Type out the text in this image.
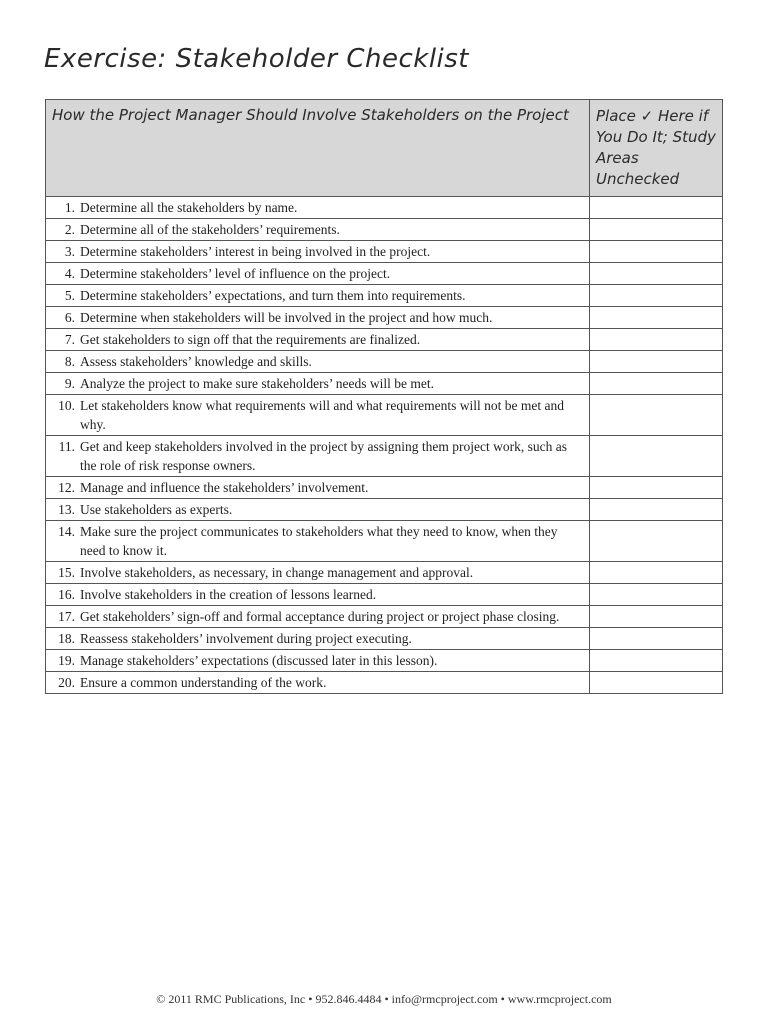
Exercise: Stakeholder Checklist
How the Project Manager Should Involve Stakeholders on the Project	Place ✓ Here if You Do It; Study Areas Unchecked

1. Determine all the stakeholders by name.	

2. Determine all of the stakeholders’ requirements.	

3. Determine stakeholders’ interest in being involved in the project.	

4. Determine stakeholders’ level of influence on the project.	

5. Determine stakeholders’ expectations, and turn them into requirements.	

6. Determine when stakeholders will be involved in the project and how much.	

7. Get stakeholders to sign off that the requirements are finalized.	

8. Assess stakeholders’ knowledge and skills.	

9. Analyze the project to make sure stakeholders’ needs will be met.	

10. Let stakeholders know what requirements will and what requirements will not be met and why.	

11. Get and keep stakeholders involved in the project by assigning them project work, such as the role of risk response owners.	

12. Manage and influence the stakeholders’ involvement.	

13. Use stakeholders as experts.	

14. Make sure the project communicates to stakeholders what they need to know, when they need to know it.	

15. Involve stakeholders, as necessary, in change management and approval.	

16. Involve stakeholders in the creation of lessons learned.	

17. Get stakeholders’ sign-off and formal acceptance during project or project phase closing.	

18. Reassess stakeholders’ involvement during project executing.	

19. Manage stakeholders’ expectations (discussed later in this lesson).	

20. Ensure a common understanding of the work.	

© 2011 RMC Publications, Inc • 952.846.4484 • info@rmcproject.com • www.rmcproject.com
